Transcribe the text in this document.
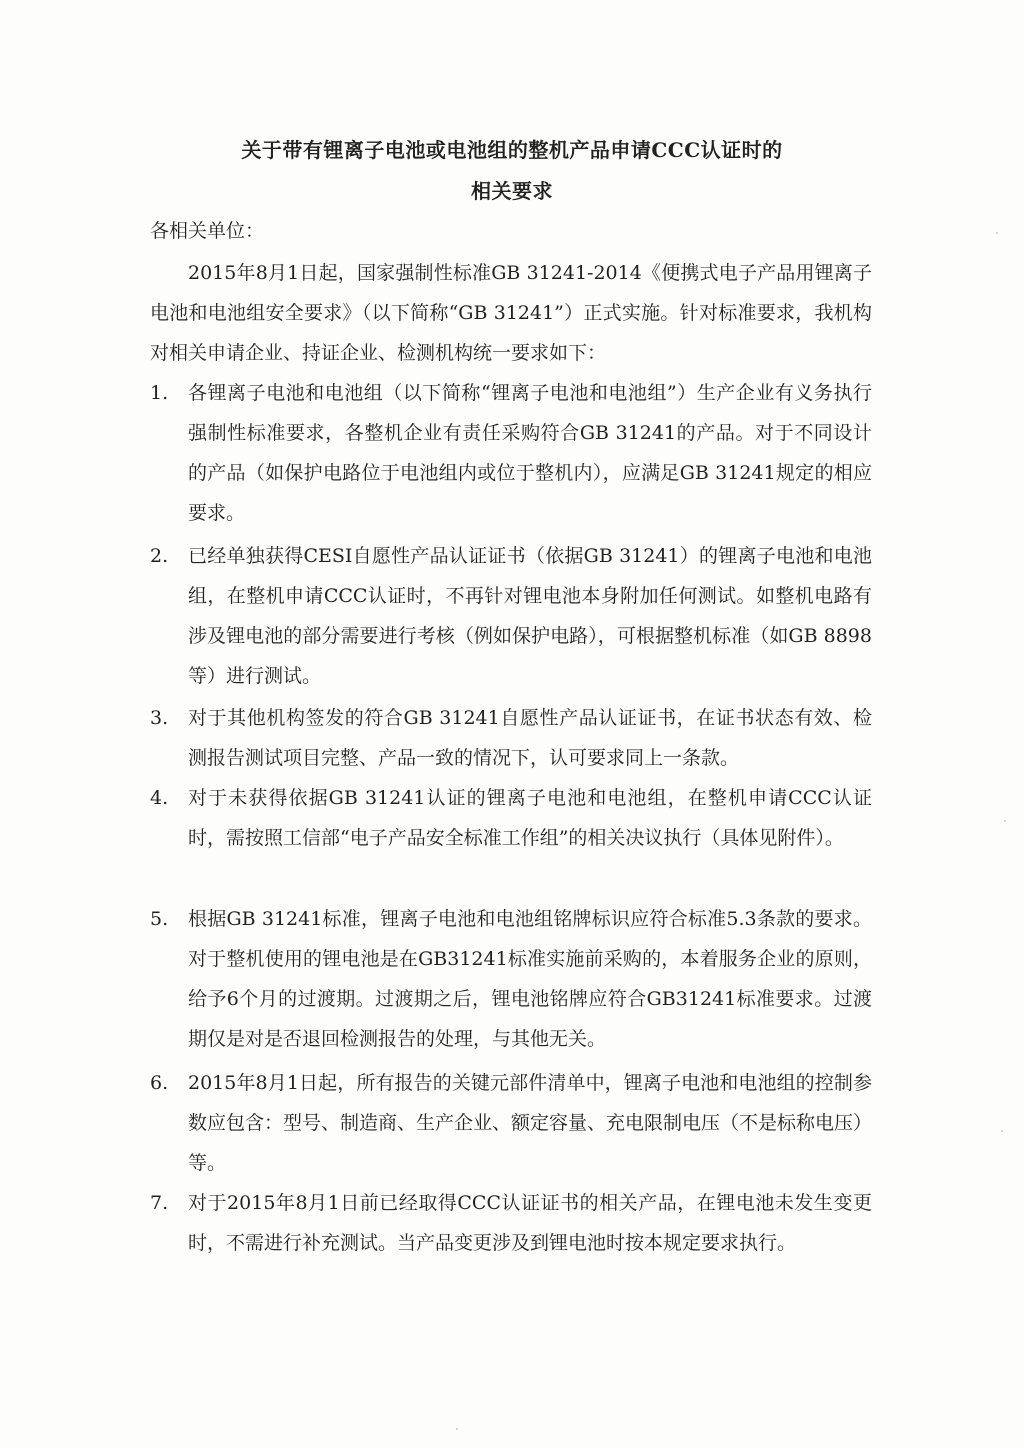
关于带有锂离子电池或电池组的整机产品申请CCC认证时的
相关要求
各相关单位：
2015年8月1日起，国家强制性标准GB 31241-2014《便携式电子产品用锂离子电池和电池组安全要求》（以下简称“GB 31241”）正式实施。针对标准要求，我机构对相关申请企业、持证企业、检测机构统一要求如下：
1.	各锂离子电池和电池组（以下简称“锂离子电池和电池组”）生产企业有义务执行强制性标准要求，各整机企业有责任采购符合GB 31241的产品。对于不同设计的产品（如保护电路位于电池组内或位于整机内），应满足GB 31241规定的相应要求。
2.	已经单独获得CESI自愿性产品认证证书（依据GB 31241）的锂离子电池和电池组，在整机申请CCC认证时，不再针对锂电池本身附加任何测试。如整机电路有涉及锂电池的部分需要进行考核（例如保护电路），可根据整机标准（如GB 8898等）进行测试。
3.	对于其他机构签发的符合GB 31241自愿性产品认证证书，在证书状态有效、检测报告测试项目完整、产品一致的情况下，认可要求同上一条款。
4.	对于未获得依据GB 31241认证的锂离子电池和电池组，在整机申请CCC认证时，需按照工信部“电子产品安全标准工作组”的相关决议执行（具体见附件）。
5.	根据GB 31241标准，锂离子电池和电池组铭牌标识应符合标准5.3条款的要求。对于整机使用的锂电池是在GB31241标准实施前采购的，本着服务企业的原则，给予6个月的过渡期。过渡期之后，锂电池铭牌应符合GB31241标准要求。过渡期仅是对是否退回检测报告的处理，与其他无关。
6.	2015年8月1日起，所有报告的关键元部件清单中，锂离子电池和电池组的控制参数应包含：型号、制造商、生产企业、额定容量、充电限制电压（不是标称电压）等。
7.	对于2015年8月1日前已经取得CCC认证证书的相关产品，在锂电池未发生变更时，不需进行补充测试。当产品变更涉及到锂电池时按本规定要求执行。
